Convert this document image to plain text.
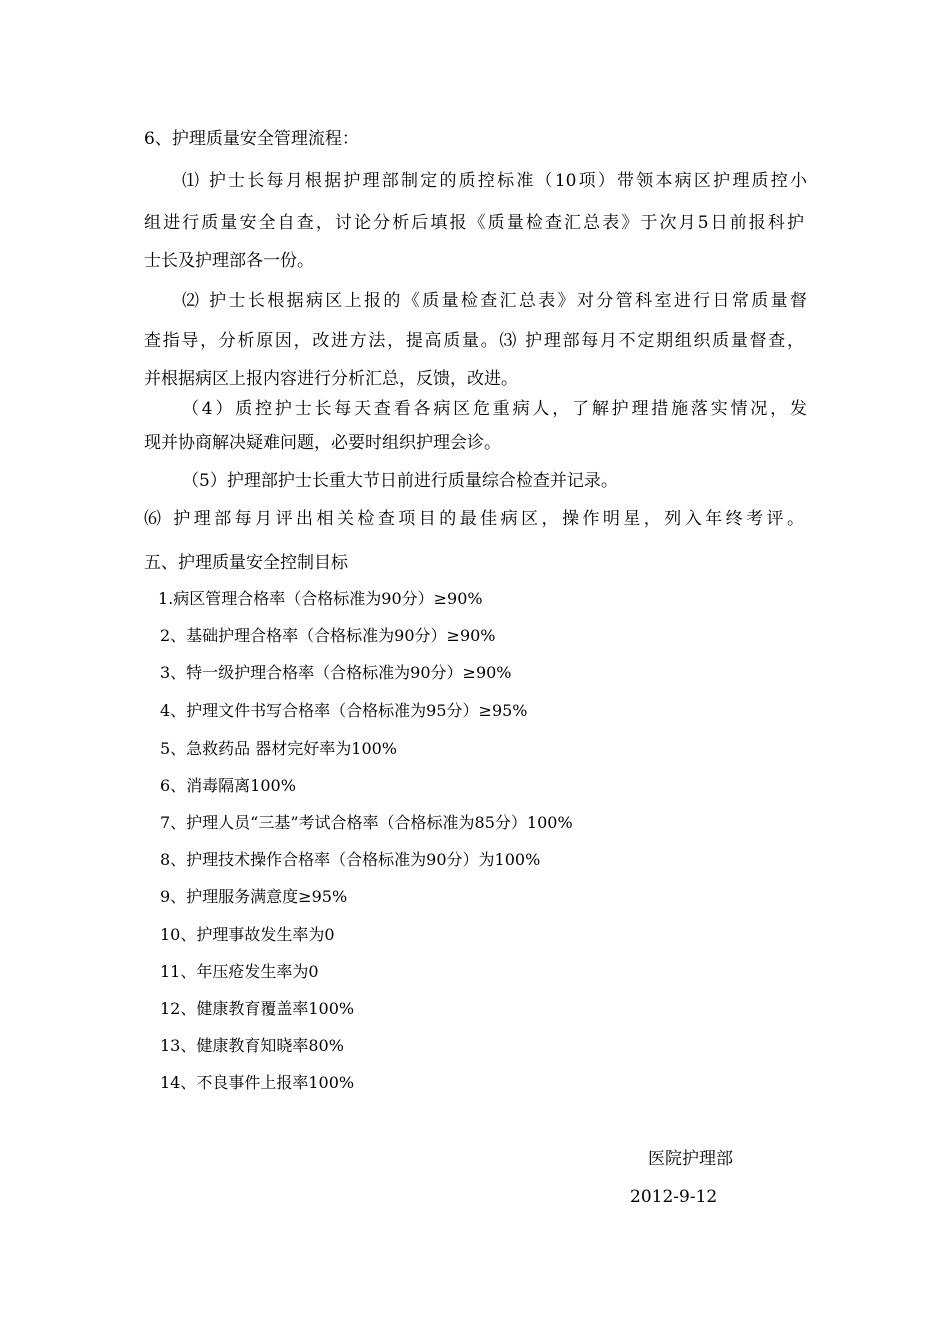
6、护理质量安全管理流程：

⑴ 护士长每月根据护理部制定的质控标准（10项）带领本病区护理质控小

组进行质量安全自查，讨论分析后填报《质量检查汇总表》于次月5日前报科护

士长及护理部各一份。

⑵ 护士长根据病区上报的《质量检查汇总表》对分管科室进行日常质量督

查指导，分析原因，改进方法，提高质量。⑶ 护理部每月不定期组织质量督查，

并根据病区上报内容进行分析汇总，反馈，改进。

（4）质控护士长每天查看各病区危重病人，了解护理措施落实情况，发

现并协商解决疑难问题，必要时组织护理会诊。

（5）护理部护士长重大节日前进行质量综合检查并记录。

⑹ 护理部每月评出相关检查项目的最佳病区，操作明星，列入年终考评。

五、护理质量安全控制目标

1.病区管理合格率（合格标准为90分）≥90%

2、基础护理合格率（合格标准为90分）≥90%

3、特一级护理合格率（合格标准为90分）≥90%

4、护理文件书写合格率（合格标准为95分）≥95%

5、急救药品 器材完好率为100%

6、消毒隔离100%

7、护理人员“三基”考试合格率（合格标准为85分）100%

8、护理技术操作合格率（合格标准为90分）为100%

9、护理服务满意度≥95%

10、护理事故发生率为0

11、年压疮发生率为0

12、健康教育覆盖率100%

13、健康教育知晓率80%

14、不良事件上报率100%

医院护理部

2012-9-12
